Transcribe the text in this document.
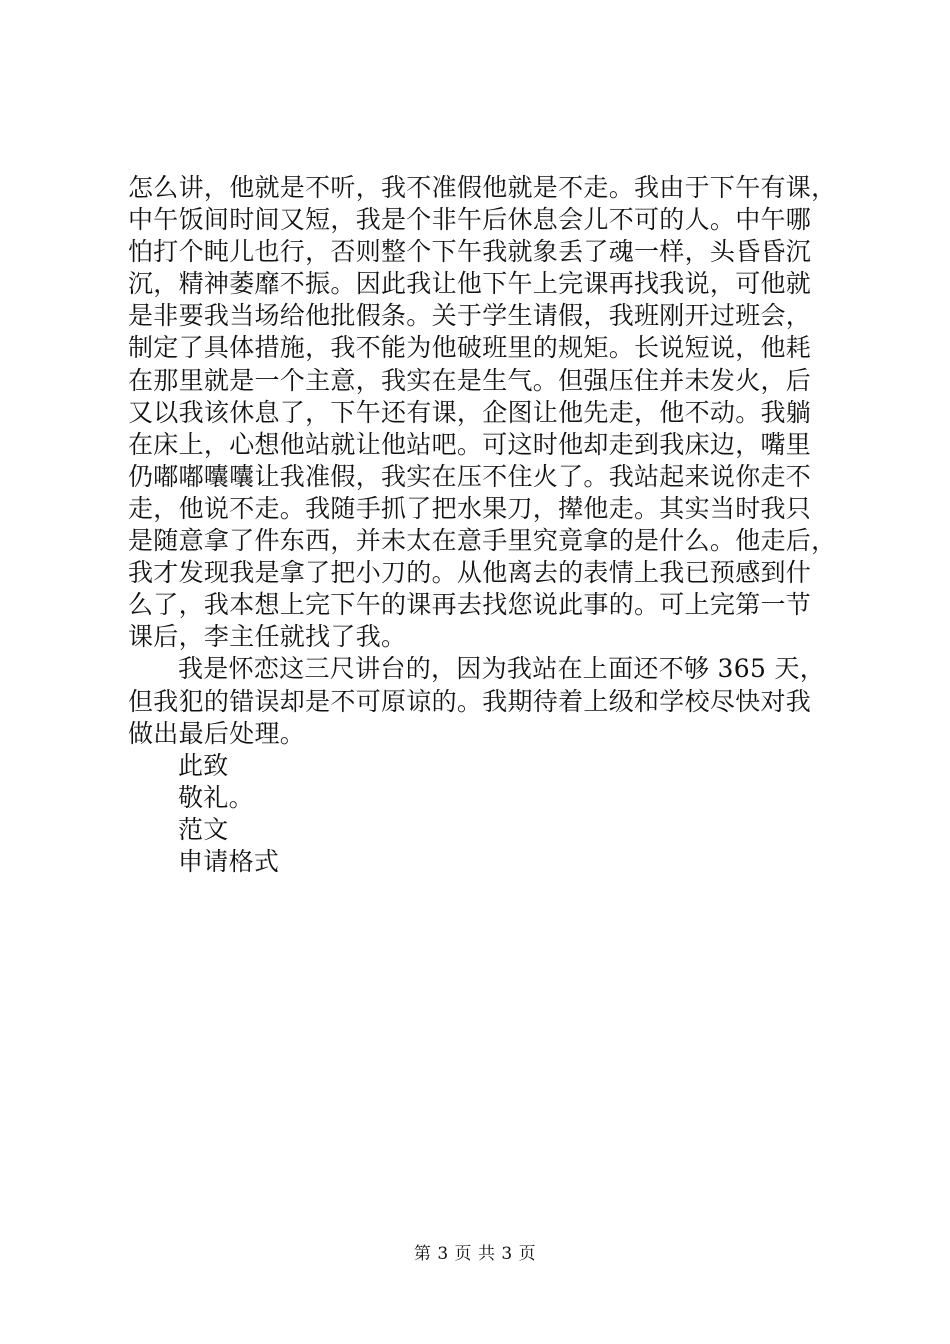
怎么讲，他就是不听，我不准假他就是不走。我由于下午有课，
中午饭间时间又短，我是个非午后休息会儿不可的人。中午哪
怕打个盹儿也行，否则整个下午我就象丢了魂一样，头昏昏沉
沉，精神萎靡不振。因此我让他下午上完课再找我说，可他就
是非要我当场给他批假条。关于学生请假，我班刚开过班会，
制定了具体措施，我不能为他破班里的规矩。长说短说，他耗
在那里就是一个主意，我实在是生气。但强压住并未发火，后
又以我该休息了，下午还有课，企图让他先走，他不动。我躺
在床上，心想他站就让他站吧。可这时他却走到我床边，嘴里
仍嘟嘟囔囔让我准假，我实在压不住火了。我站起来说你走不
走，他说不走。我随手抓了把水果刀，撵他走。其实当时我只
是随意拿了件东西，并未太在意手里究竟拿的是什么。他走后，
我才发现我是拿了把小刀的。从他离去的表情上我已预感到什
么了，我本想上完下午的课再去找您说此事的。可上完第一节
课后，李主任就找了我。
我是怀恋这三尺讲台的，因为我站在上面还不够 365 天，
但我犯的错误却是不可原谅的。我期待着上级和学校尽快对我
做出最后处理。
此致
敬礼。
范文
申请格式
第 3 页 共 3 页
